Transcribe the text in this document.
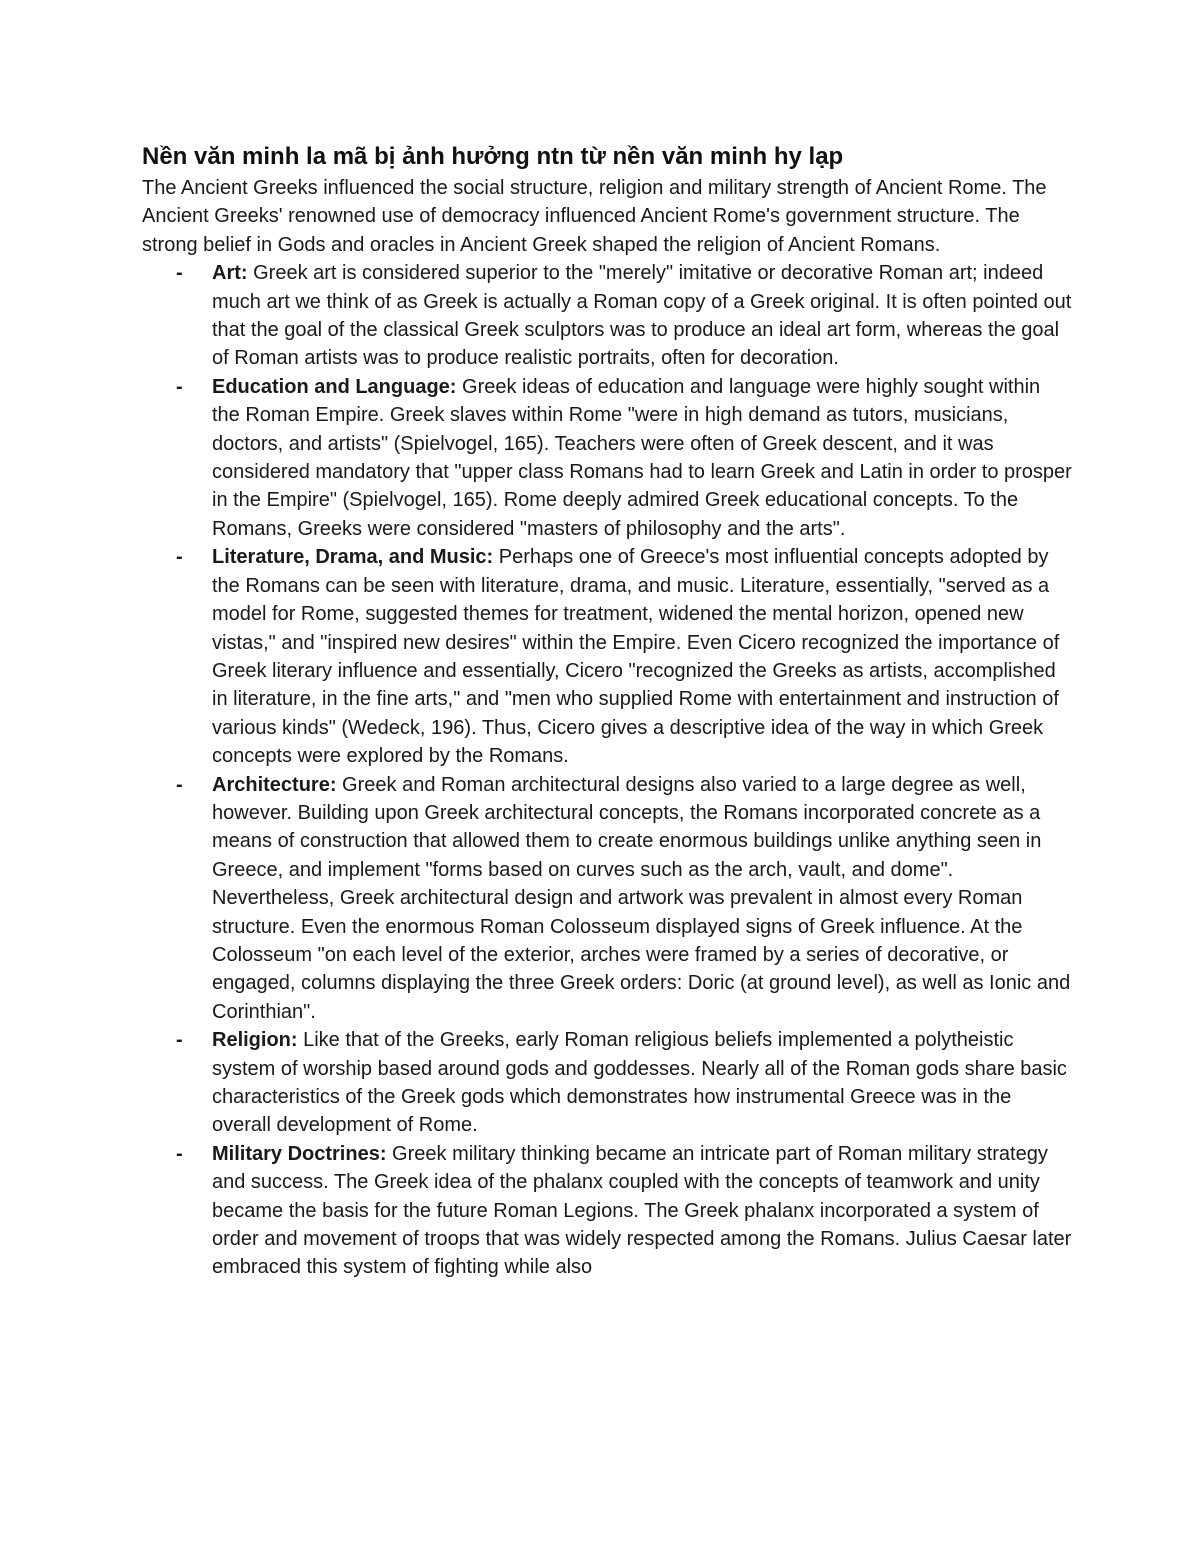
Nền văn minh la mã bị ảnh hưởng ntn từ nền văn minh hy lạp

The Ancient Greeks influenced the social structure, religion and military strength of Ancient Rome. The Ancient Greeks' renowned use of democracy influenced Ancient Rome's government structure. The strong belief in Gods and oracles in Ancient Greek shaped the religion of Ancient Romans.

- Art: Greek art is considered superior to the "merely" imitative or decorative Roman art; indeed much art we think of as Greek is actually a Roman copy of a Greek original. It is often pointed out that the goal of the classical Greek sculptors was to produce an ideal art form, whereas the goal of Roman artists was to produce realistic portraits, often for decoration.
- Education and Language: Greek ideas of education and language were highly sought within the Roman Empire. Greek slaves within Rome "were in high demand as tutors, musicians, doctors, and artists" (Spielvogel, 165). Teachers were often of Greek descent, and it was considered mandatory that "upper class Romans had to learn Greek and Latin in order to prosper in the Empire" (Spielvogel, 165). Rome deeply admired Greek educational concepts. To the Romans, Greeks were considered "masters of philosophy and the arts".
- Literature, Drama, and Music: Perhaps one of Greece's most influential concepts adopted by the Romans can be seen with literature, drama, and music. Literature, essentially, "served as a model for Rome, suggested themes for treatment, widened the mental horizon, opened new vistas," and "inspired new desires" within the Empire. Even Cicero recognized the importance of Greek literary influence and essentially, Cicero "recognized the Greeks as artists, accomplished in literature, in the fine arts," and "men who supplied Rome with entertainment and instruction of various kinds" (Wedeck, 196). Thus, Cicero gives a descriptive idea of the way in which Greek concepts were explored by the Romans.
- Architecture: Greek and Roman architectural designs also varied to a large degree as well, however. Building upon Greek architectural concepts, the Romans incorporated concrete as a means of construction that allowed them to create enormous buildings unlike anything seen in Greece, and implement "forms based on curves such as the arch, vault, and dome". Nevertheless, Greek architectural design and artwork was prevalent in almost every Roman structure. Even the enormous Roman Colosseum displayed signs of Greek influence. At the Colosseum "on each level of the exterior, arches were framed by a series of decorative, or engaged, columns displaying the three Greek orders: Doric (at ground level), as well as Ionic and Corinthian".
- Religion: Like that of the Greeks, early Roman religious beliefs implemented a polytheistic system of worship based around gods and goddesses. Nearly all of the Roman gods share basic characteristics of the Greek gods which demonstrates how instrumental Greece was in the overall development of Rome.
- Military Doctrines: Greek military thinking became an intricate part of Roman military strategy and success. The Greek idea of the phalanx coupled with the concepts of teamwork and unity became the basis for the future Roman Legions. The Greek phalanx incorporated a system of order and movement of troops that was widely respected among the Romans. Julius Caesar later embraced this system of fighting while also
